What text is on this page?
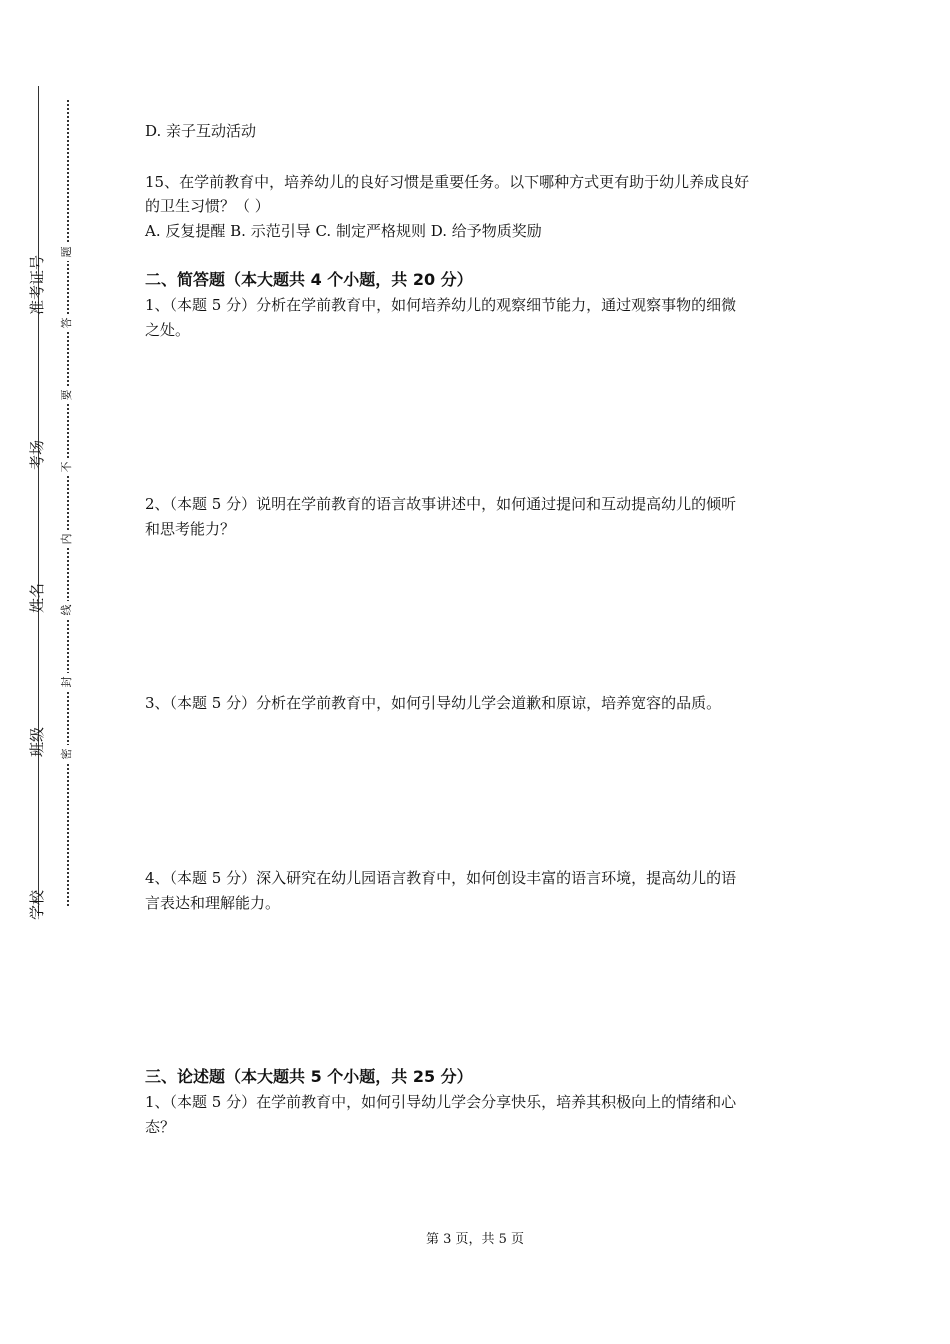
准考证号
考场
姓名
班级
学校
题
答
要
不
内
线
封
密
D. 亲子互动活动
15、在学前教育中，培养幼儿的良好习惯是重要任务。以下哪种方式更有助于幼儿养成良好
的卫生习惯？（ ）
A. 反复提醒 B. 示范引导 C. 制定严格规则 D. 给予物质奖励
二、简答题（本大题共 4 个小题，共 20 分）
1、（本题 5 分）分析在学前教育中，如何培养幼儿的观察细节能力，通过观察事物的细微
之处。
2、（本题 5 分）说明在学前教育的语言故事讲述中，如何通过提问和互动提高幼儿的倾听
和思考能力？
3、（本题 5 分）分析在学前教育中，如何引导幼儿学会道歉和原谅，培养宽容的品质。
4、（本题 5 分）深入研究在幼儿园语言教育中，如何创设丰富的语言环境，提高幼儿的语
言表达和理解能力。
三、论述题（本大题共 5 个小题，共 25 分）
1、（本题 5 分）在学前教育中，如何引导幼儿学会分享快乐，培养其积极向上的情绪和心
态？
第 3 页，共 5 页
